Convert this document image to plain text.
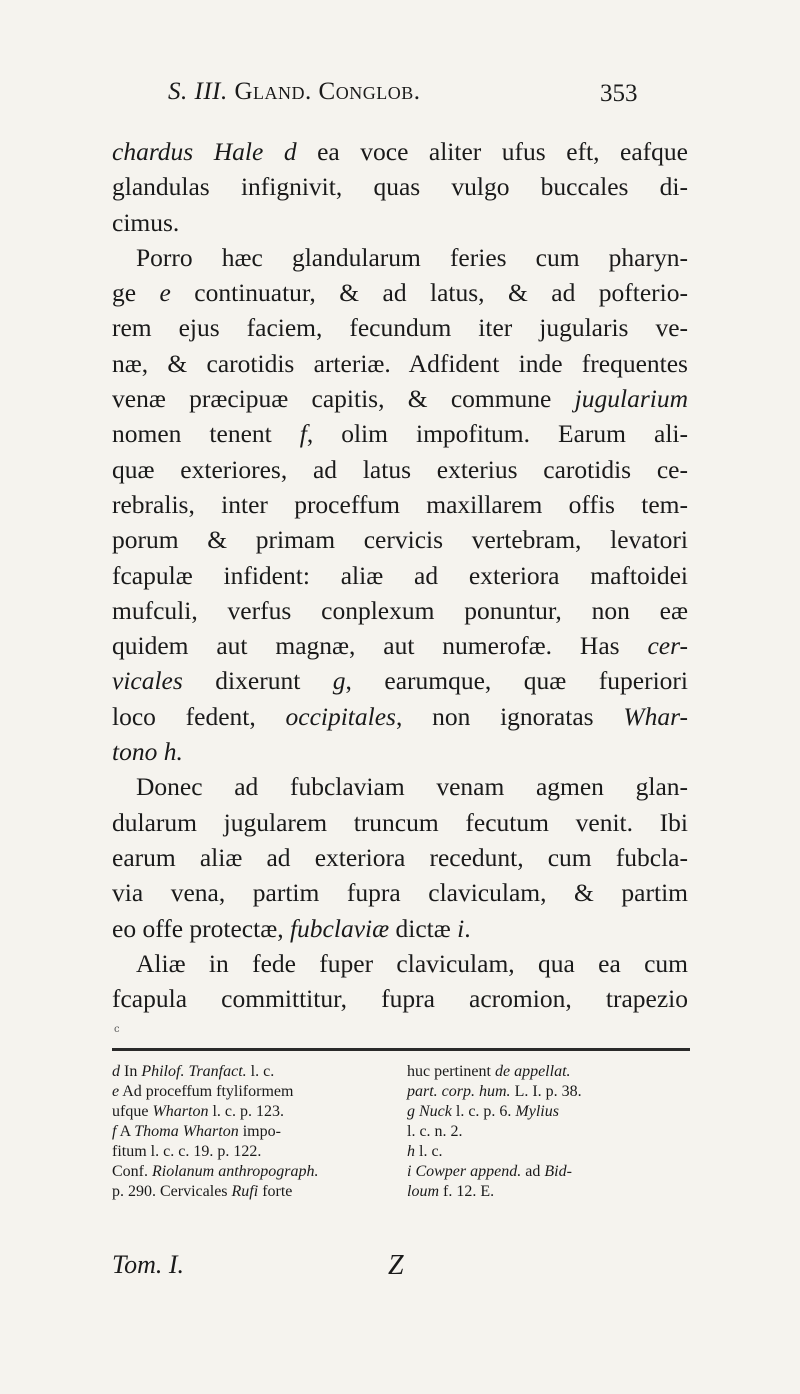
S. III. Gland. Conglob.	353
chardus Hale d ea voce aliter ufus eft, eafque
glandulas infignivit, quas vulgo buccales di-
cimus.
Porro hæc glandularum feries cum pharyn-
ge e continuatur, & ad latus, & ad pofterio-
rem ejus faciem, fecundum iter jugularis ve-
næ, & carotidis arteriæ. Adfident inde frequentes
venæ præcipuæ capitis, & commune jugularium
nomen tenent f, olim impofitum. Earum ali-
quæ exteriores, ad latus exterius carotidis ce-
rebralis, inter proceffum maxillarem offis tem-
porum & primam cervicis vertebram, levatori
fcapulæ infident: aliæ ad exteriora maftoidei
mufculi, verfus conplexum ponuntur, non eæ
quidem aut magnæ, aut numerofæ. Has cer-
vicales dixerunt g, earumque, quæ fuperiori
loco fedent, occipitales, non ignoratas Whar-
tono h.
Donec ad fubclaviam venam agmen glan-
dularum jugularem truncum fecutum venit. Ibi
earum aliæ ad exteriora recedunt, cum fubcla-
via vena, partim fupra claviculam, & partim
eo offe protectæ, fubclaviæ dictæ i.
Aliæ in fede fuper claviculam, qua ea cum
fcapula committitur, fupra acromion, trapezio
c
d In Philof. Tranfact. l. c.
e Ad proceffum ftyliformem
ufque Wharton l. c. p. 123.
f A Thoma Wharton impo-
fitum l. c. c. 19. p. 122.
Conf. Riolanum anthropograph.
p. 290. Cervicales Rufi forte
huc pertinent de appellat.
part. corp. hum. L. I. p. 38.
g Nuck l. c. p. 6. Mylius
l. c. n. 2.
h l. c.
i Cowper append. ad Bid-
loum f. 12. E.
Tom. I.	Z
